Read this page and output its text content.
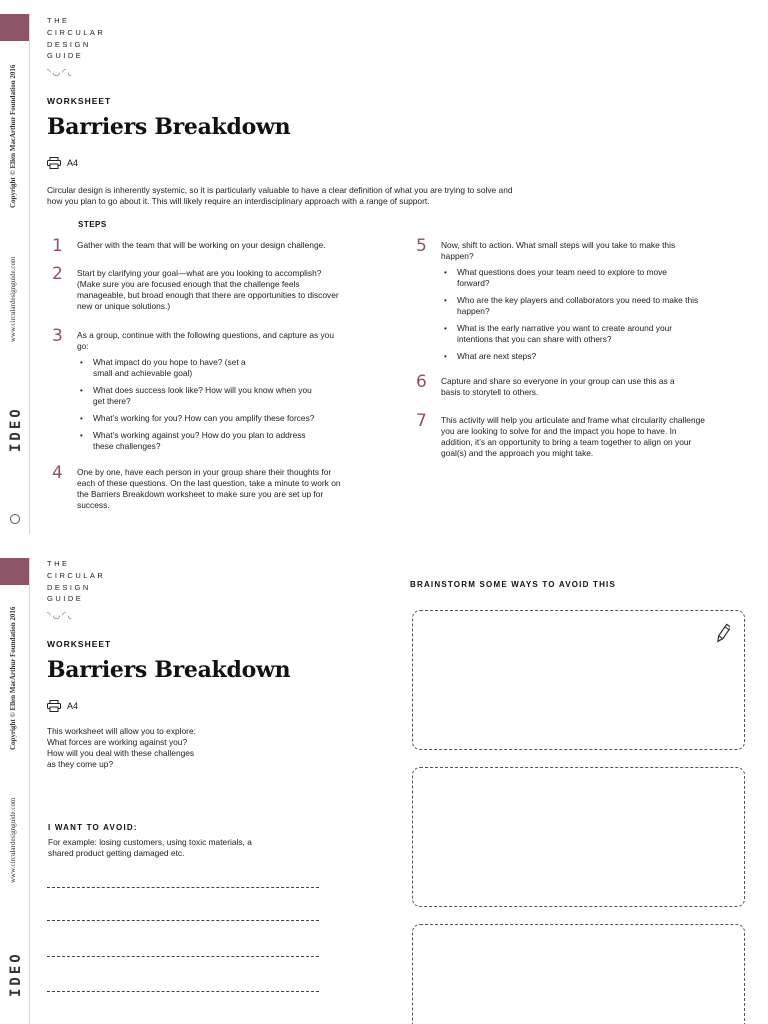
Copyright © Ellen MacArthur Foundation 2016
www.circulardesignguide.com
IDEO
THE
CIRCULAR
DESIGN
GUIDE
◝◡◜◟
WORKSHEET
Barriers Breakdown
A4
Circular design is inherently systemic, so it is particularly valuable to have a clear definition of what you are trying to solve and how you plan to go about it. This will likely require an interdisciplinary approach with a range of support.
STEPS
1 Gather with the team that will be working on your design challenge.
2 Start by clarifying your goal—what are you looking to accomplish? (Make sure you are focused enough that the challenge feels manageable, but broad enough that there are opportunities to discover new or unique solutions.)
3 As a group, continue with the following questions, and capture as you go:
• What impact do you hope to have? (set a small and achievable goal)
• What does success look like? How will you know when you get there?
• What’s working for you? How can you amplify these forces?
• What’s working against you? How do you plan to address these challenges?
4 One by one, have each person in your group share their thoughts for each of these questions. On the last question, take a minute to work on the Barriers Breakdown worksheet to make sure you are set up for success.
5 Now, shift to action. What small steps will you take to make this happen?
• What questions does your team need to explore to move forward?
• Who are the key players and collaborators you need to make this happen?
• What is the early narrative you want to create around your intentions that you can share with others?
• What are next steps?
6 Capture and share so everyone in your group can use this as a basis to storytell to others.
7 This activity will help you articulate and frame what circularity challenge you are looking to solve for and the impact you hope to have. In addition, it’s an opportunity to bring a team together to align on your goal(s) and the approach you might take.
Copyright © Ellen MacArthur Foundation 2016
www.circulardesignguide.com
IDEO
THE
CIRCULAR
DESIGN
GUIDE
◝◡◜◟
WORKSHEET
Barriers Breakdown
A4
This worksheet will allow you to explore:
What forces are working against you?
How will you deal with these challenges
as they come up?
I WANT TO AVOID:
For example: losing customers, using toxic materials, a shared product getting damaged etc.
BRAINSTORM SOME WAYS TO AVOID THIS
